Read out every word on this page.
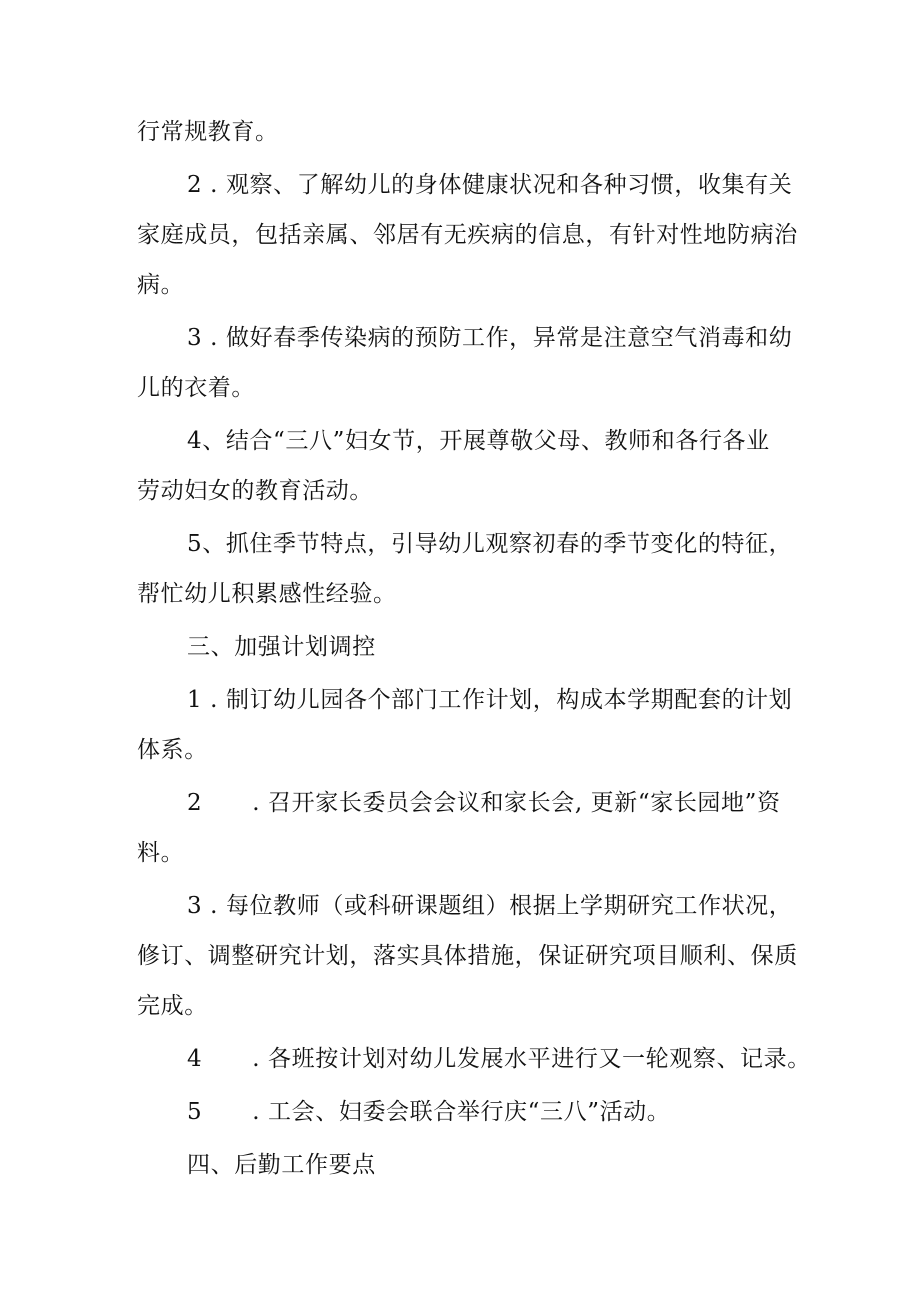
行常规教育。
2 . 观察、了解幼儿的身体健康状况和各种习惯，收集有关
家庭成员，包括亲属、邻居有无疾病的信息，有针对性地防病治
病。
3 . 做好春季传染病的预防工作，异常是注意空气消毒和幼
儿的衣着。
4、结合“三八”妇女节，开展尊敬父母、教师和各行各业
劳动妇女的教育活动。
5、抓住季节特点，引导幼儿观察初春的季节变化的特征，
帮忙幼儿积累感性经验。
三、加强计划调控
1 . 制订幼儿园各个部门工作计划，构成本学期配套的计划
体系。
2 . 召开家长委员会会议和家长会, 更新“家长园地”资
料。
3 . 每位教师（或科研课题组）根据上学期研究工作状况，
修订、调整研究计划，落实具体措施，保证研究项目顺利、保质
完成。
4 . 各班按计划对幼儿发展水平进行又一轮观察、记录。
5 . 工会、妇委会联合举行庆“三八”活动。
四、后勤工作要点
